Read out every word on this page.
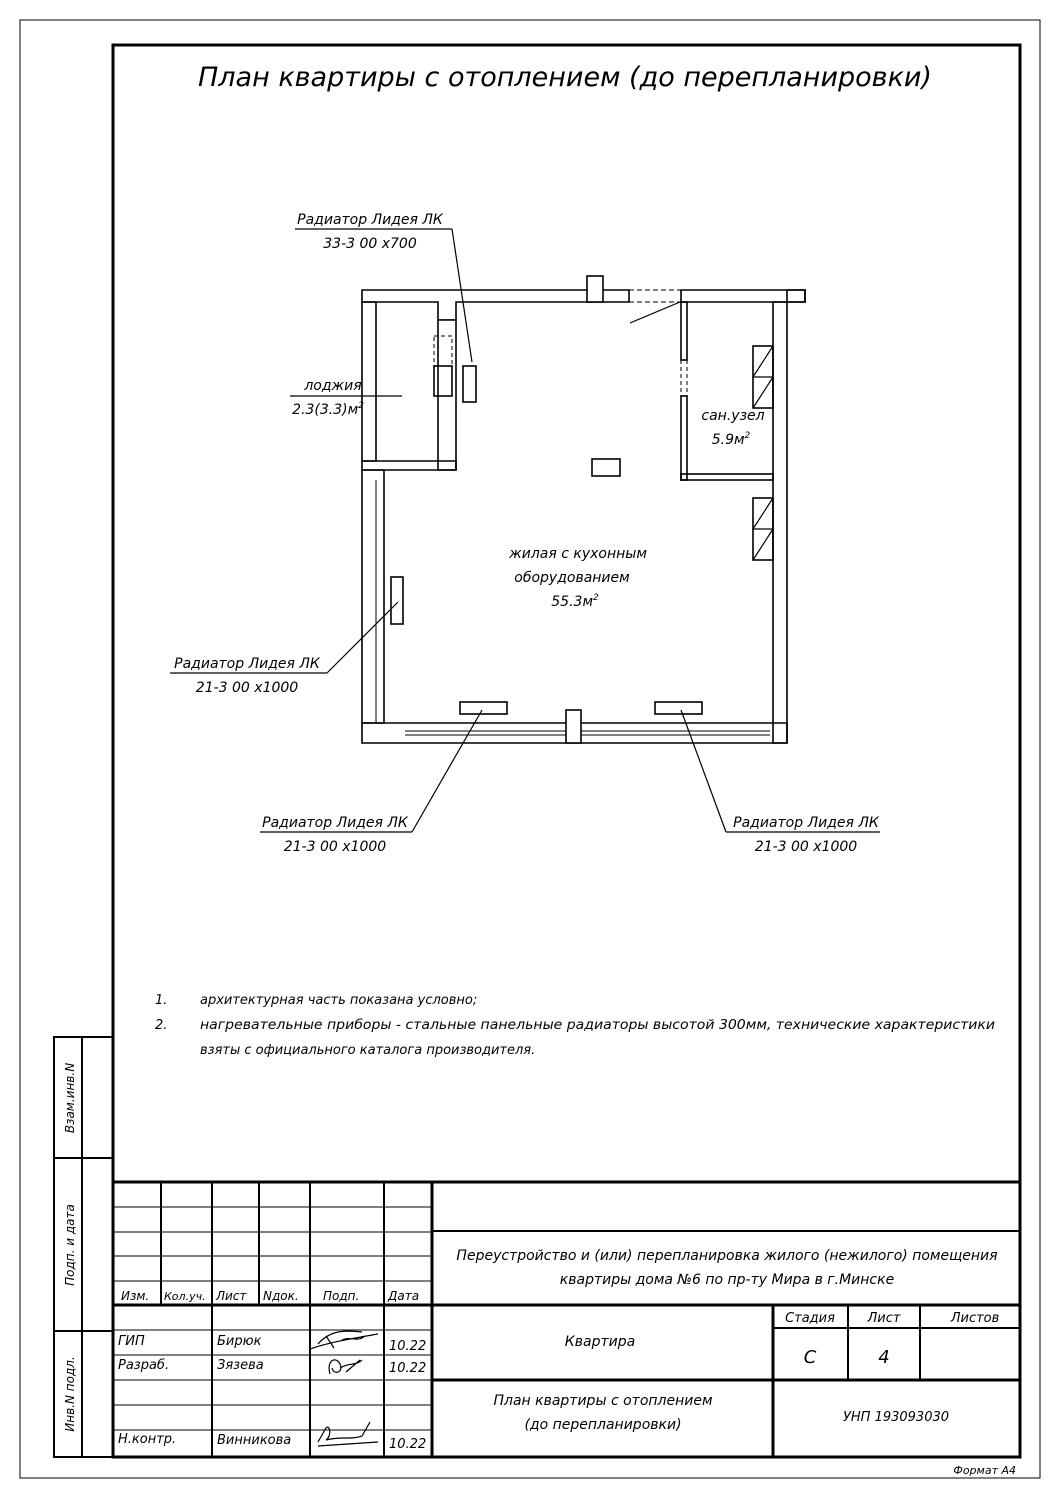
План квартиры с отоплением (до перепланировки)
лоджия
$2.3(3.3)м^2$
сан.узел
$5.9м^2$
жилая с кухонным
оборудованием
$55.3м^2$
Радиатор Лидея ЛК
33-3 00 x700
Радиатор Лидея ЛК
21-3 00 x1000
Радиатор Лидея ЛК
21-3 00 x1000
Радиатор Лидея ЛК
21-3 00 x1000
1.	архитектурная часть показана условно;
2.	нагревательные приборы - стальные панельные радиаторы высотой 300мм, технические характеристики
взяты с официального каталога производителя.
Взам.инв.N
Подп. и дата
Инв.N подл.
Изм. Кол.уч. Лист Nдок. Подп. Дата
ГИП	Бирюк	10.22
Разраб.	Зязева	10.22
Н.контр.	Винникова	10.22
Переустройство и (или) перепланировка жилого (нежилого) помещения
квартиры дома №6 по пр-ту Мира в г.Минске
Квартира
Стадия	Лист	Листов
С	4
План квартиры с отоплением
(до перепланировки)	УНП 193093030
Формат А4
